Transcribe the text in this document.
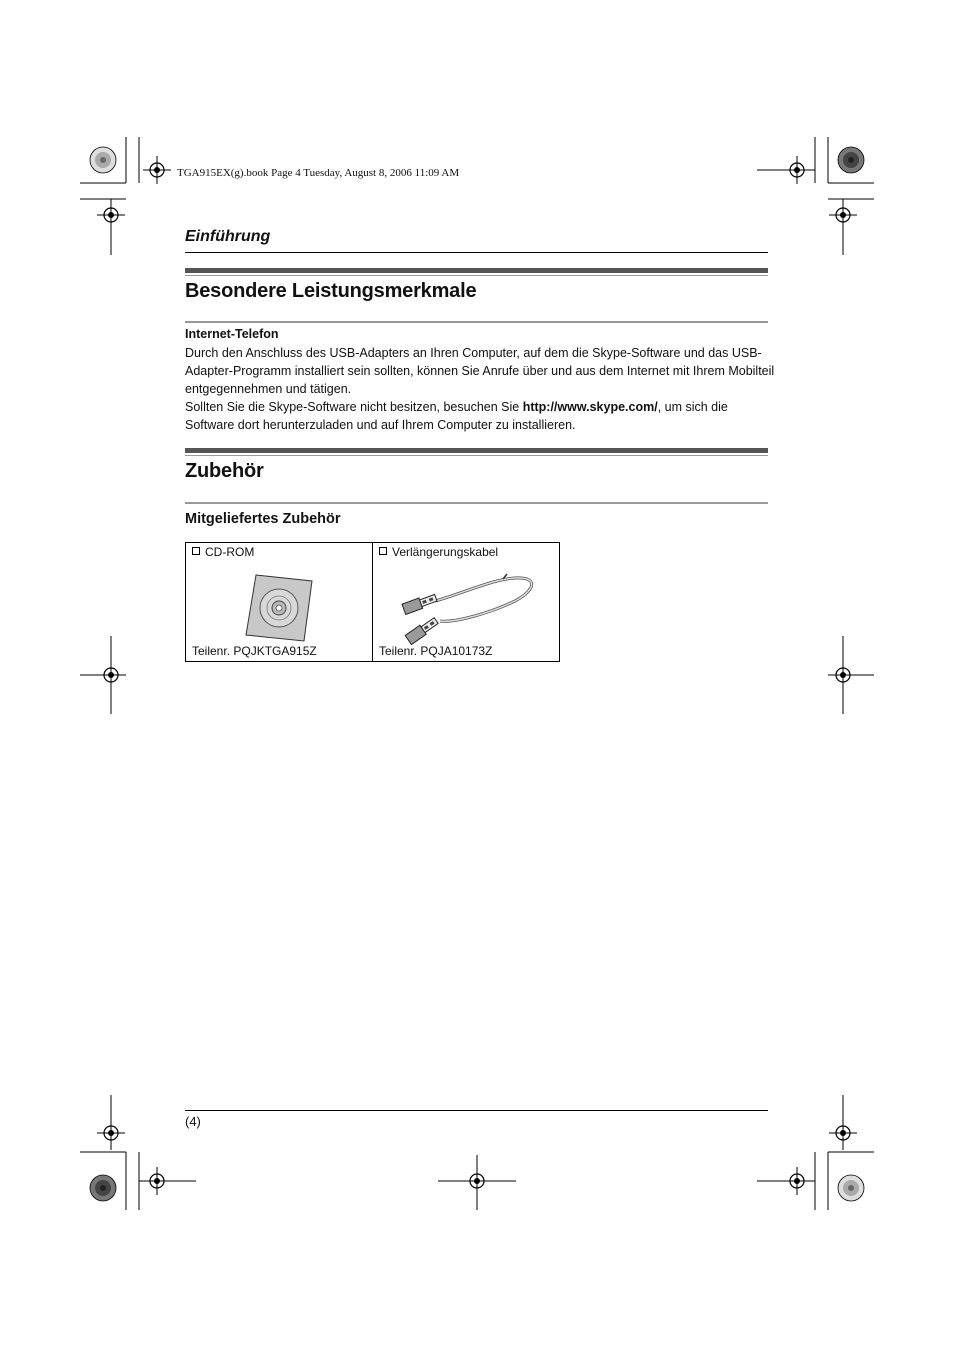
TGA915EX(g).book Page 4 Tuesday, August 8, 2006 11:09 AM
Einführung
Besondere Leistungsmerkmale
Internet-Telefon

Durch den Anschluss des USB-Adapters an Ihren Computer, auf dem die Skype-Software und das USB-Adapter-Programm installiert sein sollten, können Sie Anrufe über und aus dem Internet mit Ihrem Mobilteil entgegennehmen und tätigen.

Sollten Sie die Skype-Software nicht besitzen, besuchen Sie http://www.skype.com/, um sich die Software dort herunterzuladen und auf Ihrem Computer zu installieren.

Zubehör
Mitgeliefertes Zubehör
CD-ROM
Teilenr. PQJKTGA915Z

Verlängerungskabel
Teilenr. PQJA10173Z
(4)
